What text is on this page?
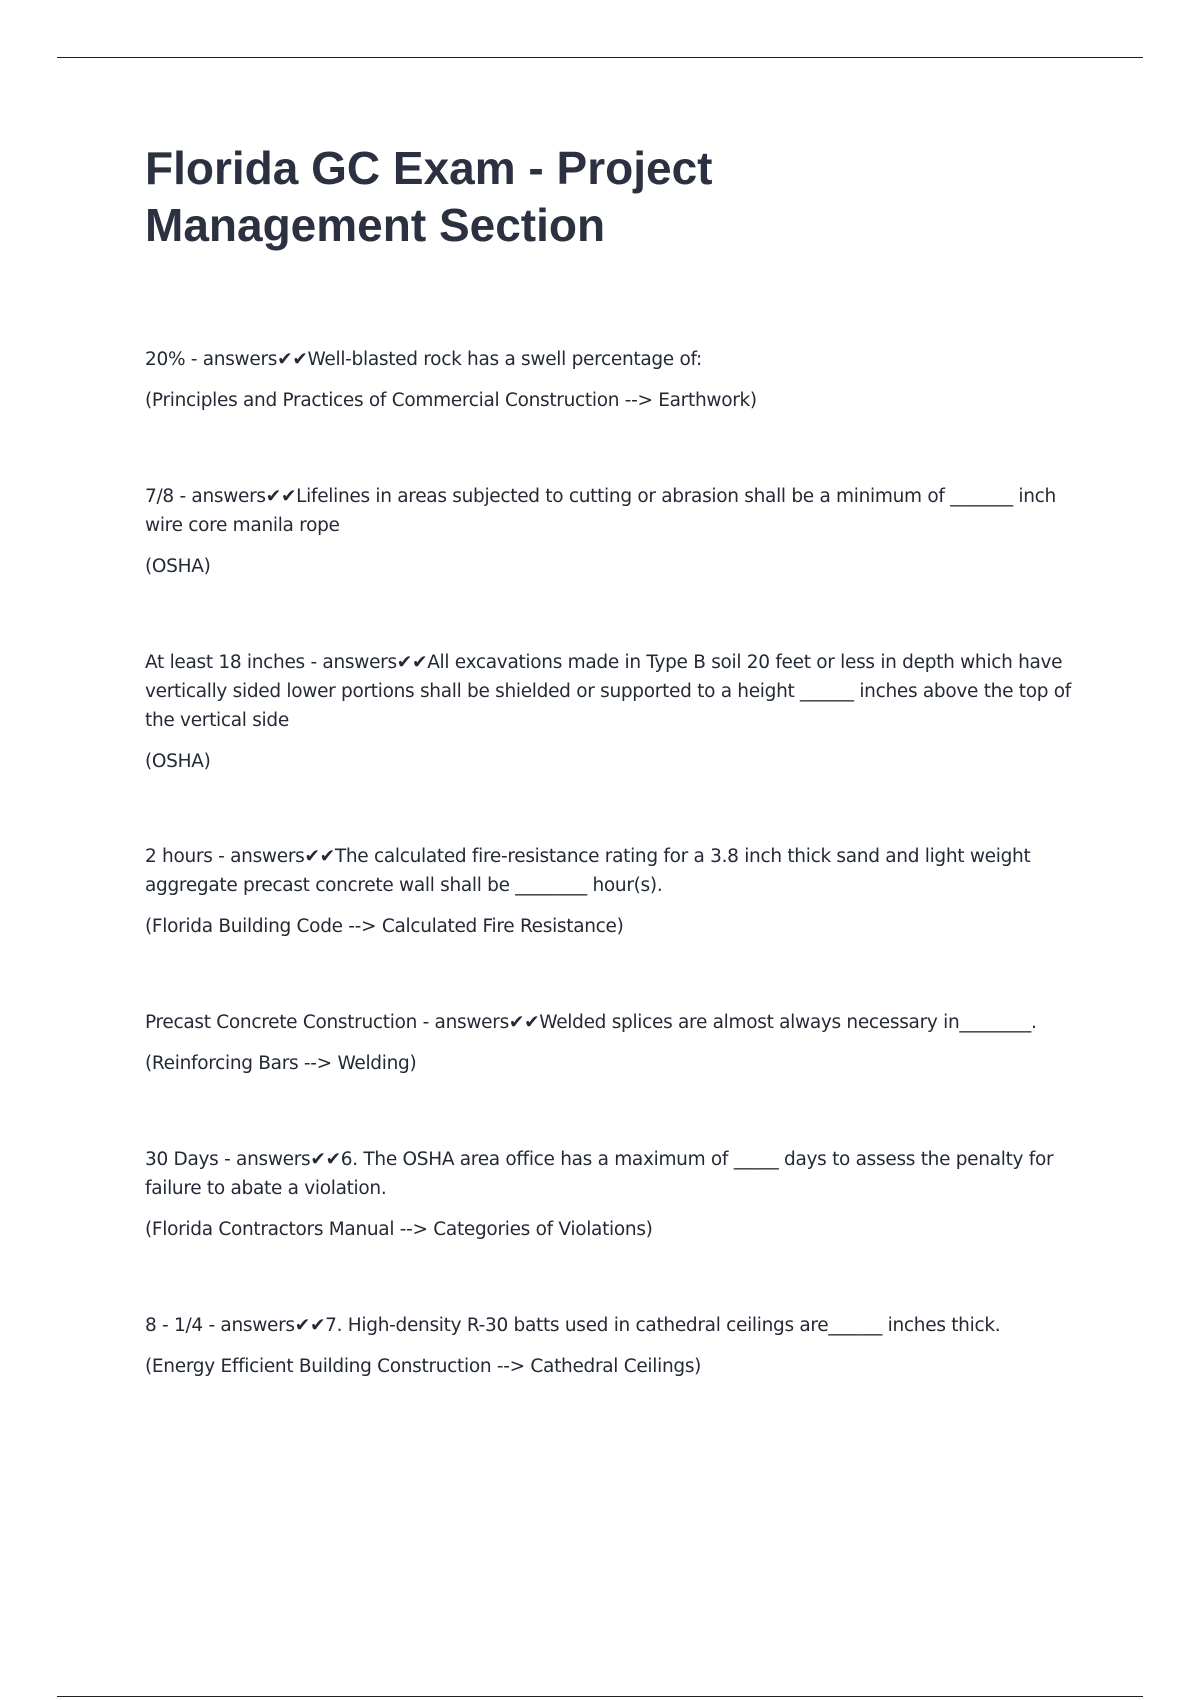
Florida GC Exam - Project Management Section

20% - answers✔✔Well-blasted rock has a swell percentage of:

(Principles and Practices of Commercial Construction --> Earthwork)

7/8 - answers✔✔Lifelines in areas subjected to cutting or abrasion shall be a minimum of _______ inch wire core manila rope

(OSHA)

At least 18 inches - answers✔✔All excavations made in Type B soil 20 feet or less in depth which have vertically sided lower portions shall be shielded or supported to a height ______ inches above the top of the vertical side

(OSHA)

2 hours - answers✔✔The calculated fire-resistance rating for a 3.8 inch thick sand and light weight aggregate precast concrete wall shall be ________ hour(s).

(Florida Building Code --> Calculated Fire Resistance)

Precast Concrete Construction - answers✔✔Welded splices are almost always necessary in________.

(Reinforcing Bars --> Welding)

30 Days - answers✔✔6. The OSHA area office has a maximum of _____ days to assess the penalty for failure to abate a violation.

(Florida Contractors Manual --> Categories of Violations)

8 - 1/4 - answers✔✔7. High-density R-30 batts used in cathedral ceilings are______ inches thick.

(Energy Efficient Building Construction --> Cathedral Ceilings)
